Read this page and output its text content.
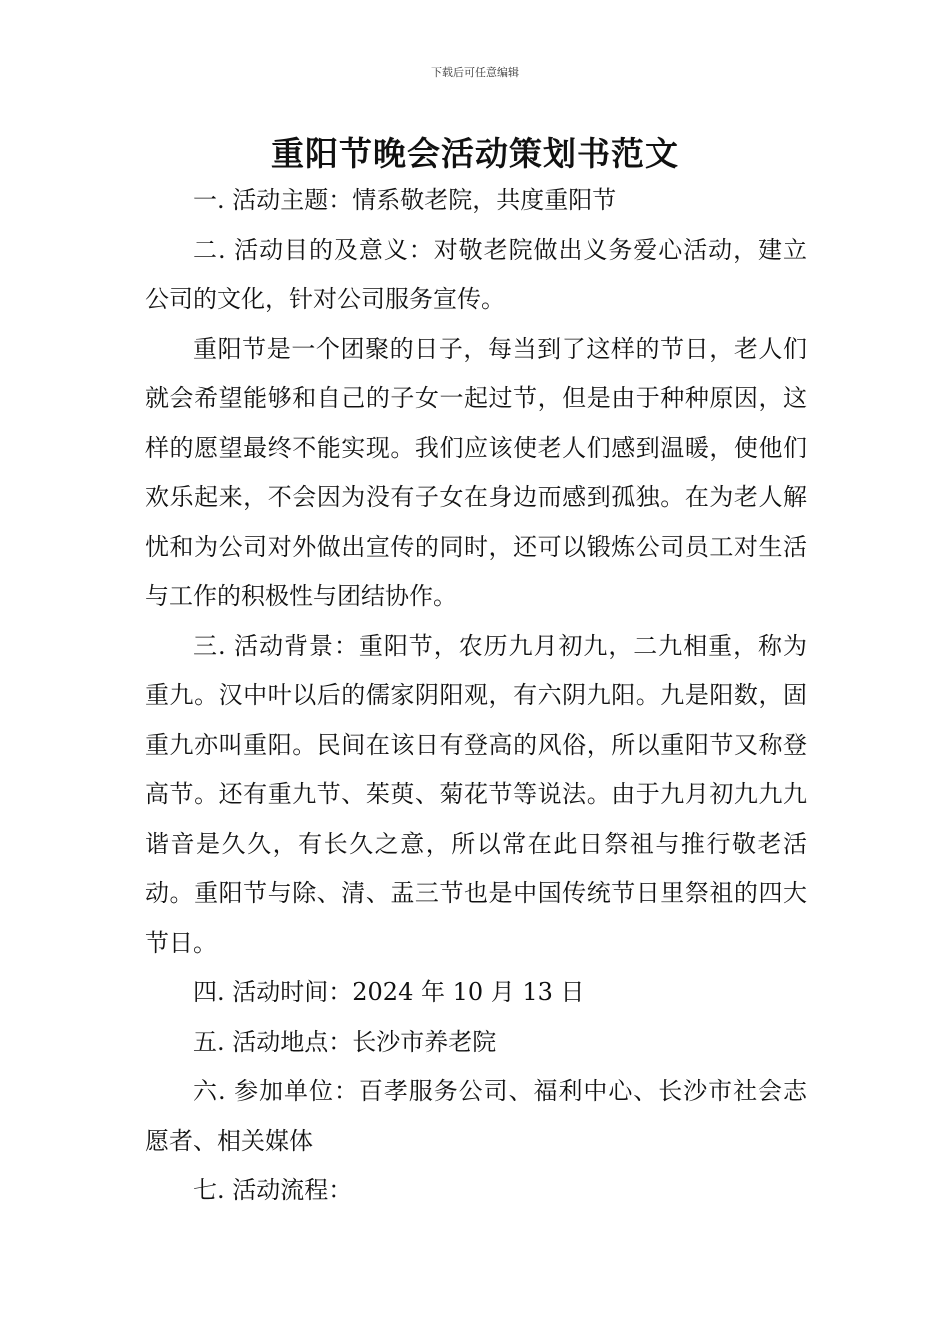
下载后可任意编辑
重阳节晚会活动策划书范文

一. 活动主题：情系敬老院，共度重阳节

二. 活动目的及意义：对敬老院做出义务爱心活动，建立公司的文化，针对公司服务宣传。

重阳节是一个团聚的日子，每当到了这样的节日，老人们就会希望能够和自己的子女一起过节，但是由于种种原因，这样的愿望最终不能实现。我们应该使老人们感到温暖，使他们欢乐起来，不会因为没有子女在身边而感到孤独。在为老人解忧和为公司对外做出宣传的同时，还可以锻炼公司员工对生活与工作的积极性与团结协作。

三. 活动背景：重阳节，农历九月初九，二九相重，称为重九。汉中叶以后的儒家阴阳观，有六阴九阳。九是阳数，固重九亦叫重阳。民间在该日有登高的风俗，所以重阳节又称登高节。还有重九节、茱萸、菊花节等说法。由于九月初九九九谐音是久久，有长久之意，所以常在此日祭祖与推行敬老活动。重阳节与除、清、盂三节也是中国传统节日里祭祖的四大节日。

四. 活动时间：2024 年 10 月 13 日

五. 活动地点：长沙市养老院

六. 参加单位：百孝服务公司、福利中心、长沙市社会志愿者、相关媒体

七. 活动流程：
